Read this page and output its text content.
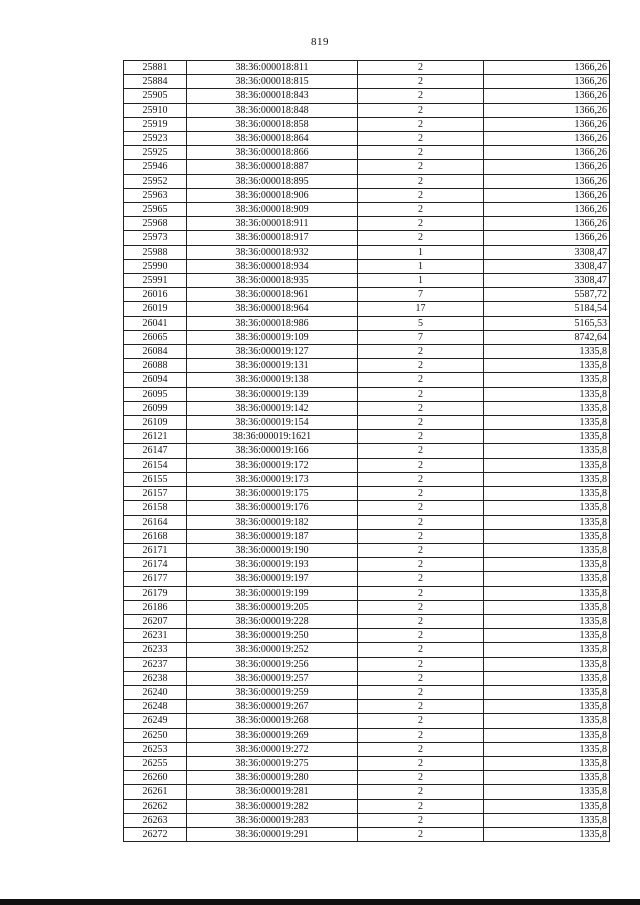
819
25881	38:36:000018:811	2	1366,26
25884	38:36:000018:815	2	1366,26
25905	38:36:000018:843	2	1366,26
25910	38:36:000018:848	2	1366,26
25919	38:36:000018:858	2	1366,26
25923	38:36:000018:864	2	1366,26
25925	38:36:000018:866	2	1366,26
25946	38:36:000018:887	2	1366,26
25952	38:36:000018:895	2	1366,26
25963	38:36:000018:906	2	1366,26
25965	38:36:000018:909	2	1366,26
25968	38:36:000018:911	2	1366,26
25973	38:36:000018:917	2	1366,26
25988	38:36:000018:932	1	3308,47
25990	38:36:000018:934	1	3308,47
25991	38:36:000018:935	1	3308,47
26016	38:36:000018:961	7	5587,72
26019	38:36:000018:964	17	5184,54
26041	38:36:000018:986	5	5165,53
26065	38:36:000019:109	7	8742,64
26084	38:36:000019:127	2	1335,8
26088	38:36:000019:131	2	1335,8
26094	38:36:000019:138	2	1335,8
26095	38:36:000019:139	2	1335,8
26099	38:36:000019:142	2	1335,8
26109	38:36:000019:154	2	1335,8
26121	38:36:000019:1621	2	1335,8
26147	38:36:000019:166	2	1335,8
26154	38:36:000019:172	2	1335,8
26155	38:36:000019:173	2	1335,8
26157	38:36:000019:175	2	1335,8
26158	38:36:000019:176	2	1335,8
26164	38:36:000019:182	2	1335,8
26168	38:36:000019:187	2	1335,8
26171	38:36:000019:190	2	1335,8
26174	38:36:000019:193	2	1335,8
26177	38:36:000019:197	2	1335,8
26179	38:36:000019:199	2	1335,8
26186	38:36:000019:205	2	1335,8
26207	38:36:000019:228	2	1335,8
26231	38:36:000019:250	2	1335,8
26233	38:36:000019:252	2	1335,8
26237	38:36:000019:256	2	1335,8
26238	38:36:000019:257	2	1335,8
26240	38:36:000019:259	2	1335,8
26248	38:36:000019:267	2	1335,8
26249	38:36:000019:268	2	1335,8
26250	38:36:000019:269	2	1335,8
26253	38:36:000019:272	2	1335,8
26255	38:36:000019:275	2	1335,8
26260	38:36:000019:280	2	1335,8
26261	38:36:000019:281	2	1335,8
26262	38:36:000019:282	2	1335,8
26263	38:36:000019:283	2	1335,8
26272	38:36:000019:291	2	1335,8
